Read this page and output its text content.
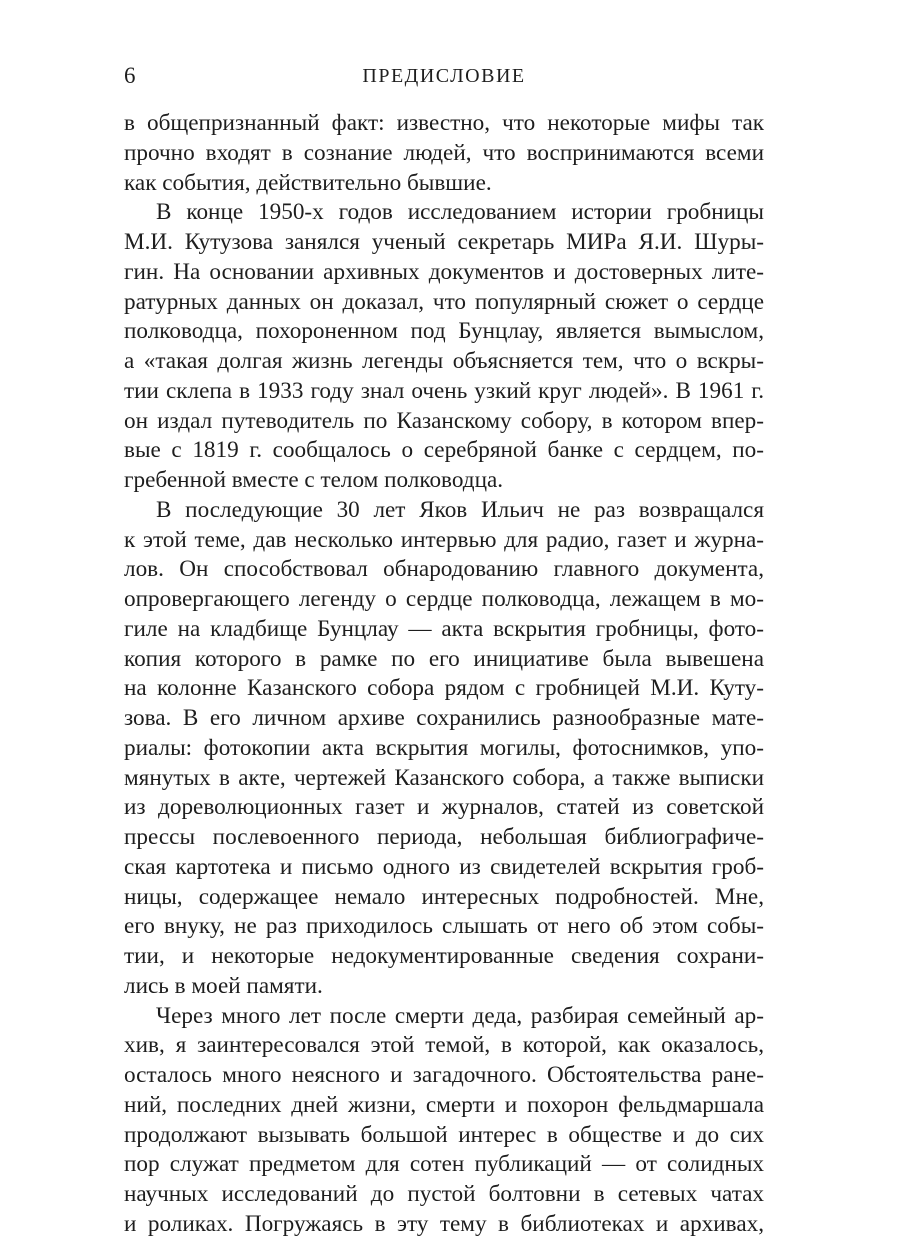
6	ПРЕДИСЛОВИЕ
в общепризнанный факт: известно, что некоторые мифы так
прочно входят в сознание людей, что воспринимаются всеми
как события, действительно бывшие.
В конце 1950-х годов исследованием истории гробницы
М.И. Кутузова занялся ученый секретарь МИРа Я.И. Шуры-
гин. На основании архивных документов и достоверных лите-
ратурных данных он доказал, что популярный сюжет о сердце
полководца, похороненном под Бунцлау, является вымыслом,
а «такая долгая жизнь легенды объясняется тем, что о вскры-
тии склепа в 1933 году знал очень узкий круг людей». В 1961 г.
он издал путеводитель по Казанскому собору, в котором впер-
вые с 1819 г. сообщалось о серебряной банке с сердцем, по-
гребенной вместе с телом полководца.
В последующие 30 лет Яков Ильич не раз возвращался
к этой теме, дав несколько интервью для радио, газет и журна-
лов. Он способствовал обнародованию главного документа,
опровергающего легенду о сердце полководца, лежащем в мо-
гиле на кладбище Бунцлау — акта вскрытия гробницы, фото-
копия которого в рамке по его инициативе была вывешена
на колонне Казанского собора рядом с гробницей М.И. Куту-
зова. В его личном архиве сохранились разнообразные мате-
риалы: фотокопии акта вскрытия могилы, фотоснимков, упо-
мянутых в акте, чертежей Казанского собора, а также выписки
из дореволюционных газет и журналов, статей из советской
прессы послевоенного периода, небольшая библиографиче-
ская картотека и письмо одного из свидетелей вскрытия гроб-
ницы, содержащее немало интересных подробностей. Мне,
его внуку, не раз приходилось слышать от него об этом собы-
тии, и некоторые недокументированные сведения сохрани-
лись в моей памяти.
Через много лет после смерти деда, разбирая семейный ар-
хив, я заинтересовался этой темой, в которой, как оказалось,
осталось много неясного и загадочного. Обстоятельства ране-
ний, последних дней жизни, смерти и похорон фельдмаршала
продолжают вызывать большой интерес в обществе и до сих
пор служат предметом для сотен публикаций — от солидных
научных исследований до пустой болтовни в сетевых чатах
и роликах. Погружаясь в эту тему в библиотеках и архивах,
